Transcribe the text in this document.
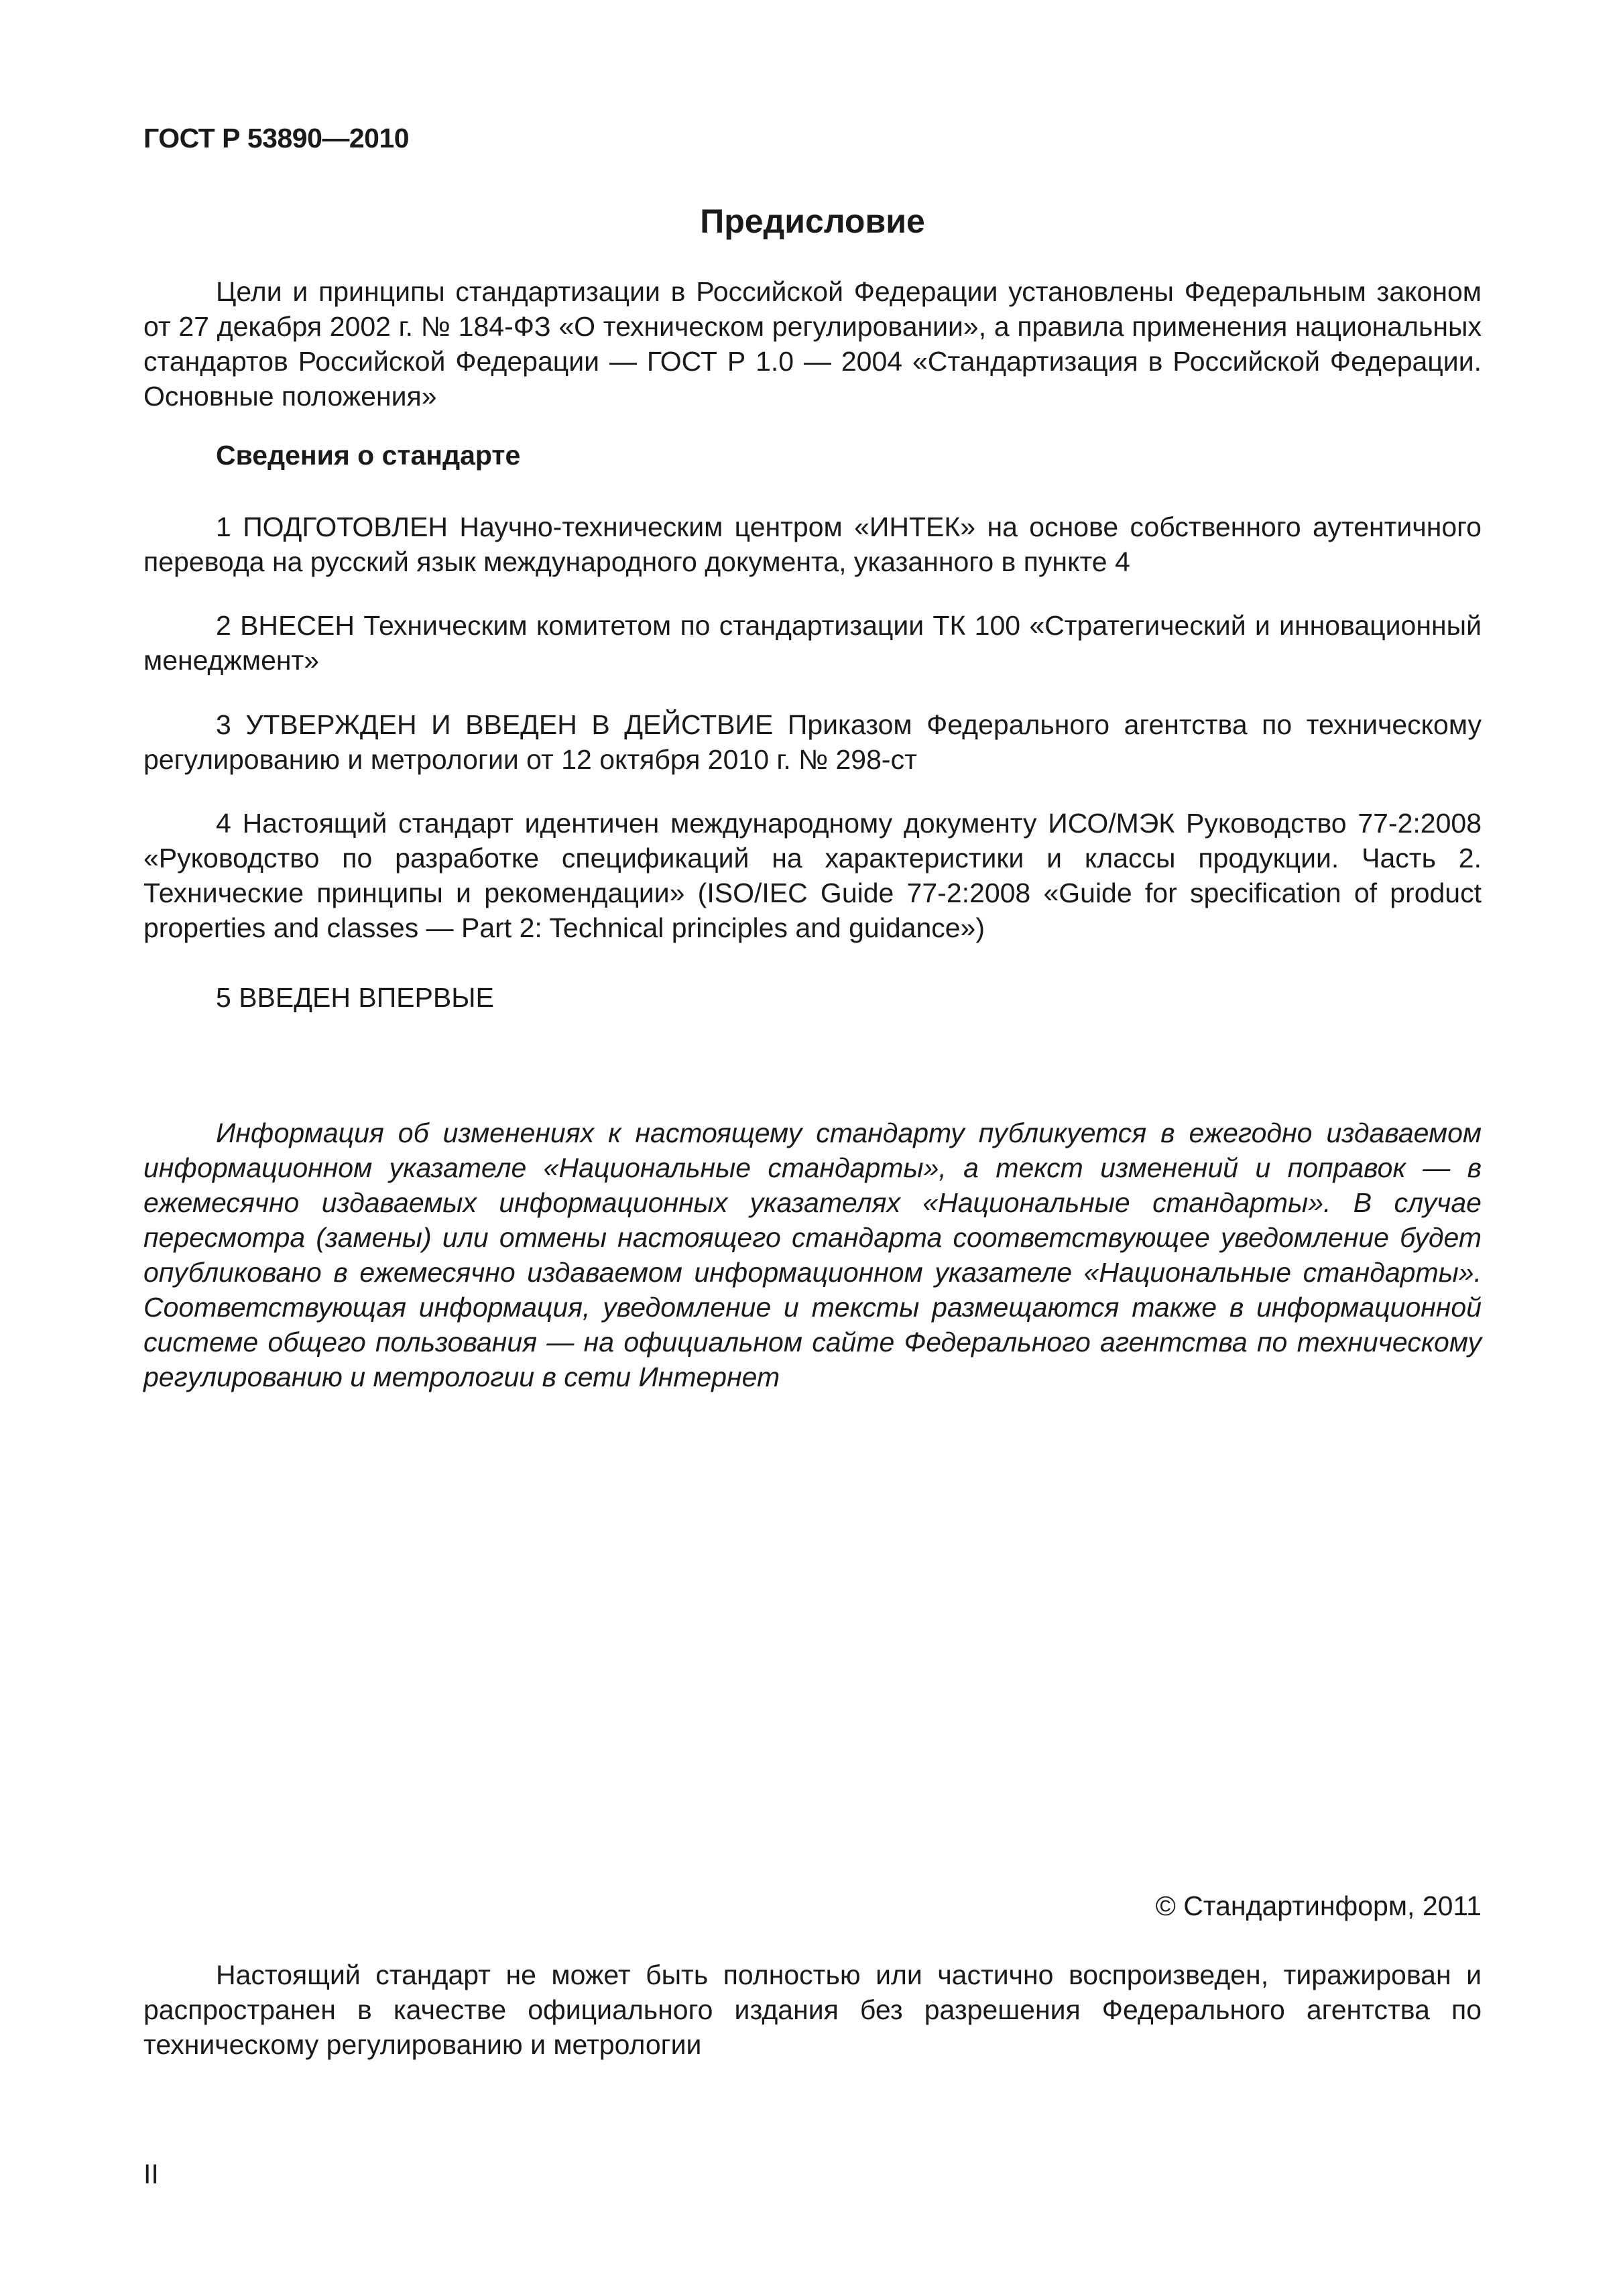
ГОСТ Р 53890—2010
Предисловие

Цели и принципы стандартизации в Российской Федерации установлены Федеральным законом от 27 декабря 2002 г. № 184-ФЗ «О техническом регулировании», а правила применения национальных стандартов Российской Федерации — ГОСТ Р 1.0 — 2004 «Стандартизация в Российской Федерации. Основные положения»

Сведения о стандарте

1 ПОДГОТОВЛЕН Научно-техническим центром «ИНТЕК» на основе собственного аутентичного перевода на русский язык международного документа, указанного в пункте 4

2 ВНЕСЕН Техническим комитетом по стандартизации ТК 100 «Стратегический и инновационный менеджмент»

3 УТВЕРЖДЕН И ВВЕДЕН В ДЕЙСТВИЕ Приказом Федерального агентства по техническому регулированию и метрологии от 12 октября 2010 г. № 298-ст

4 Настоящий стандарт идентичен международному документу ИСО/МЭК Руководство 77-2:2008 «Руководство по разработке спецификаций на характеристики и классы продукции. Часть 2. Технические принципы и рекомендации» (ISO/IEC Guide 77-2:2008 «Guide for specification of product properties and classes — Part 2: Technical principles and guidance»)

5 ВВЕДЕН ВПЕРВЫЕ

Информация об изменениях к настоящему стандарту публикуется в ежегодно издаваемом информационном указателе «Национальные стандарты», а текст изменений и поправок — в ежемесячно издаваемых информационных указателях «Национальные стандарты». В случае пересмотра (замены) или отмены настоящего стандарта соответствующее уведомление будет опубликовано в ежемесячно издаваемом информационном указателе «Национальные стандарты». Соответствующая информация, уведомление и тексты размещаются также в информационной системе общего пользования — на официальном сайте Федерального агентства по техническому регулированию и метрологии в сети Интернет

© Стандартинформ, 2011

Настоящий стандарт не может быть полностью или частично воспроизведен, тиражирован и распространен в качестве официального издания без разрешения Федерального агентства по техническому регулированию и метрологии

II
